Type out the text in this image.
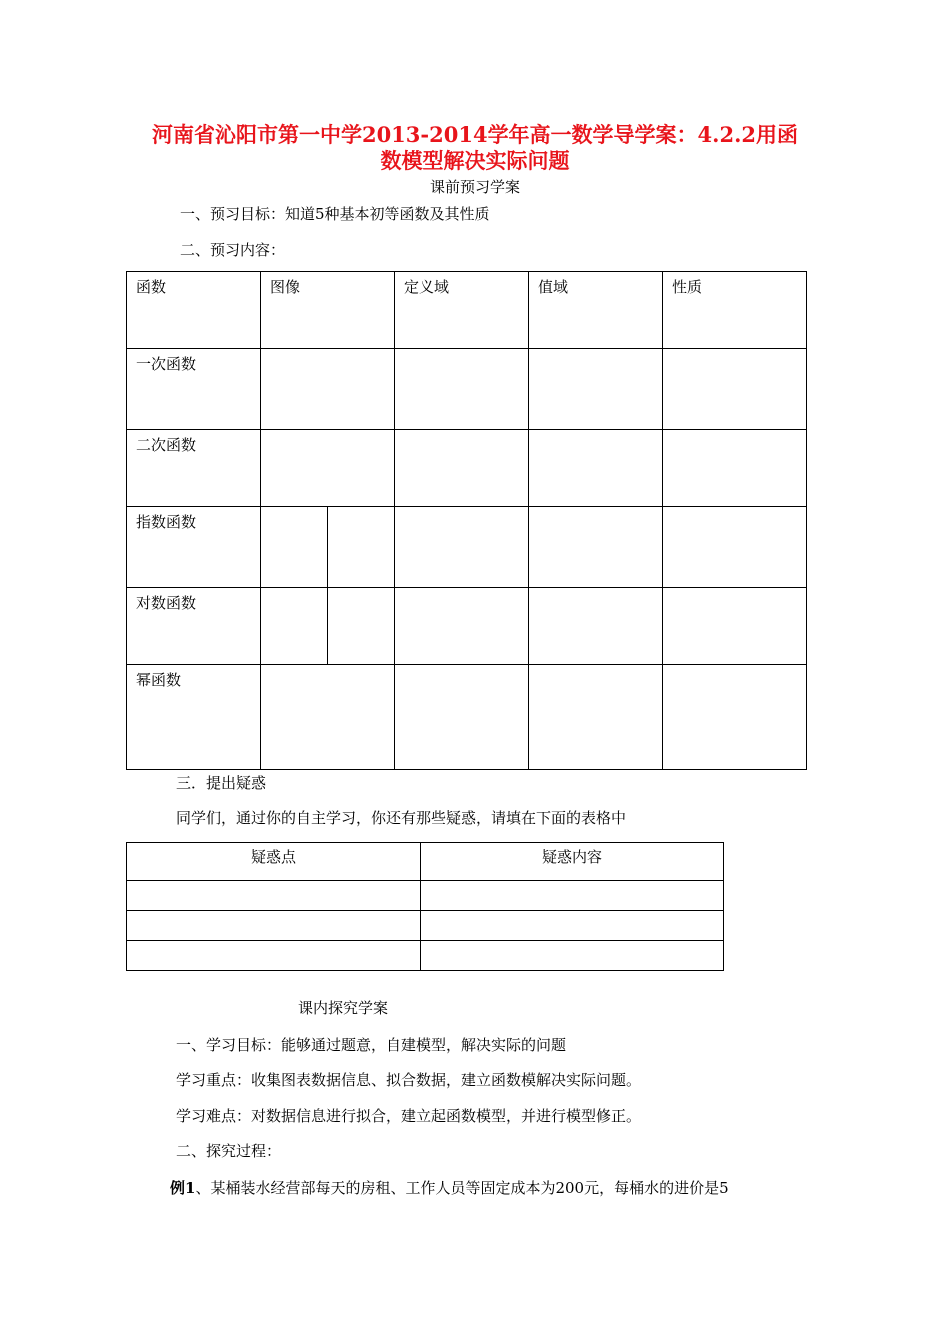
河南省沁阳市第一中学2013-2014学年高一数学导学案：4.2.2用函
数模型解决实际问题
课前预习学案
一、预习目标：知道5种基本初等函数及其性质
二、预习内容：
函数	图像		定义域	值域	性质
一次函数					
二次函数					
指数函数					
对数函数					
幂函数					
三．提出疑惑
同学们，通过你的自主学习，你还有那些疑惑，请填在下面的表格中
疑惑点	疑惑内容

课内探究学案
一、学习目标：能够通过题意，自建模型，解决实际的问题
学习重点：收集图表数据信息、拟合数据，建立函数模解决实际问题。
学习难点：对数据信息进行拟合，建立起函数模型，并进行模型修正。
二、探究过程：
例1、某桶装水经营部每天的房租、工作人员等固定成本为200元，每桶水的进价是5
